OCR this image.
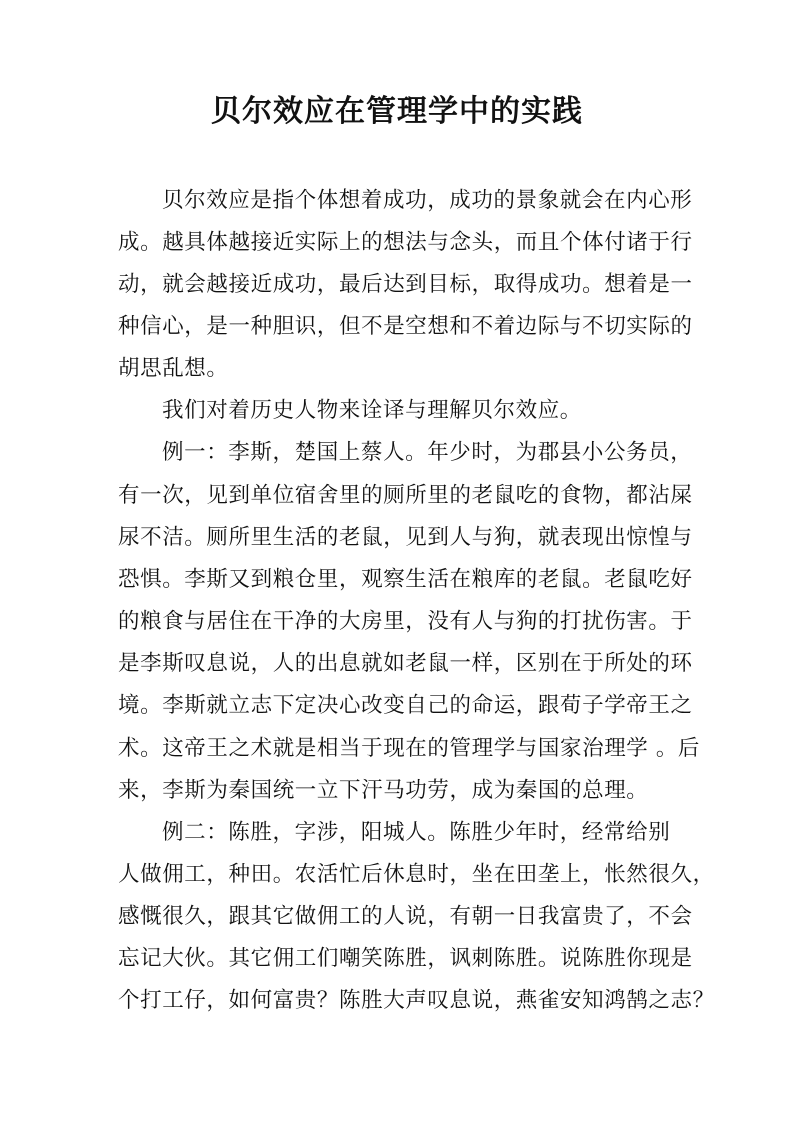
贝尔效应在管理学中的实践
贝尔效应是指个体想着成功，成功的景象就会在内心形
成。越具体越接近实际上的想法与念头，而且个体付诸于行
动，就会越接近成功，最后达到目标，取得成功。想着是一
种信心，是一种胆识，但不是空想和不着边际与不切实际的
胡思乱想。
我们对着历史人物来诠译与理解贝尔效应。
例一：李斯，楚国上蔡人。年少时，为郡县小公务员，
有一次，见到单位宿舍里的厕所里的老鼠吃的食物，都沾屎
尿不洁。厕所里生活的老鼠，见到人与狗，就表现出惊惶与
恐惧。李斯又到粮仓里，观察生活在粮库的老鼠。老鼠吃好
的粮食与居住在干净的大房里，没有人与狗的打扰伤害。于
是李斯叹息说，人的出息就如老鼠一样，区别在于所处的环
境。李斯就立志下定决心改变自己的命运，跟荀子学帝王之
术。这帝王之术就是相当于现在的管理学与国家治理学 。后
来，李斯为秦国统一立下汗马功劳，成为秦国的总理。
例二：陈胜，字涉，阳城人。陈胜少年时，经常给别
人做佣工，种田。农活忙后休息时，坐在田垄上，怅然很久，
感慨很久，跟其它做佣工的人说，有朝一日我富贵了，不会
忘记大伙。其它佣工们嘲笑陈胜，讽刺陈胜。说陈胜你现是
个打工仔，如何富贵？陈胜大声叹息说，燕雀安知鸿鹄之志？
